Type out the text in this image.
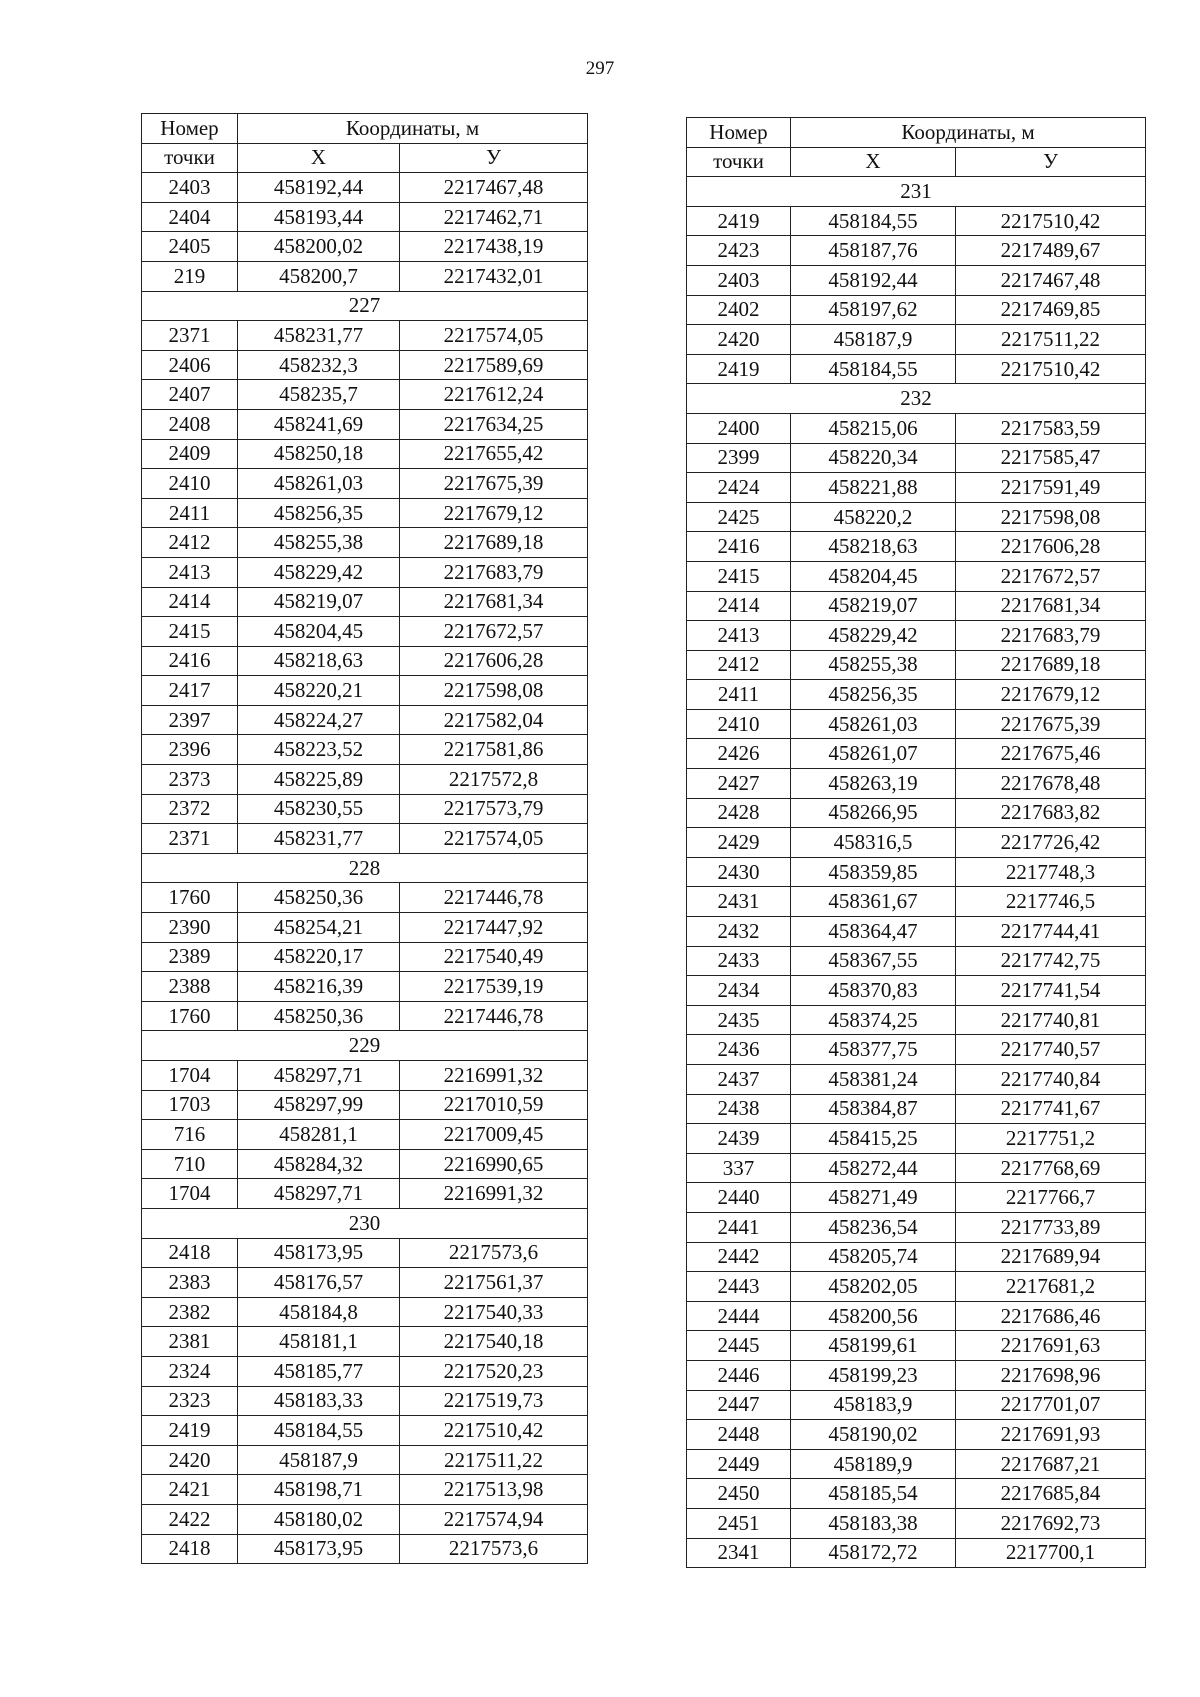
297
Номер	Координаты, м	
точки	Х	У
2403	458192,44	2217467,48
2404	458193,44	2217462,71
2405	458200,02	2217438,19
219	458200,7	2217432,01
227		
2371	458231,77	2217574,05
2406	458232,3	2217589,69
2407	458235,7	2217612,24
2408	458241,69	2217634,25
2409	458250,18	2217655,42
2410	458261,03	2217675,39
2411	458256,35	2217679,12
2412	458255,38	2217689,18
2413	458229,42	2217683,79
2414	458219,07	2217681,34
2415	458204,45	2217672,57
2416	458218,63	2217606,28
2417	458220,21	2217598,08
2397	458224,27	2217582,04
2396	458223,52	2217581,86
2373	458225,89	2217572,8
2372	458230,55	2217573,79
2371	458231,77	2217574,05
228		
1760	458250,36	2217446,78
2390	458254,21	2217447,92
2389	458220,17	2217540,49
2388	458216,39	2217539,19
1760	458250,36	2217446,78
229		
1704	458297,71	2216991,32
1703	458297,99	2217010,59
716	458281,1	2217009,45
710	458284,32	2216990,65
1704	458297,71	2216991,32
230		
2418	458173,95	2217573,6
2383	458176,57	2217561,37
2382	458184,8	2217540,33
2381	458181,1	2217540,18
2324	458185,77	2217520,23
2323	458183,33	2217519,73
2419	458184,55	2217510,42
2420	458187,9	2217511,22
2421	458198,71	2217513,98
2422	458180,02	2217574,94
2418	458173,95	2217573,6
Номер	Координаты, м	
точки	Х	У
231		
2419	458184,55	2217510,42
2423	458187,76	2217489,67
2403	458192,44	2217467,48
2402	458197,62	2217469,85
2420	458187,9	2217511,22
2419	458184,55	2217510,42
232		
2400	458215,06	2217583,59
2399	458220,34	2217585,47
2424	458221,88	2217591,49
2425	458220,2	2217598,08
2416	458218,63	2217606,28
2415	458204,45	2217672,57
2414	458219,07	2217681,34
2413	458229,42	2217683,79
2412	458255,38	2217689,18
2411	458256,35	2217679,12
2410	458261,03	2217675,39
2426	458261,07	2217675,46
2427	458263,19	2217678,48
2428	458266,95	2217683,82
2429	458316,5	2217726,42
2430	458359,85	2217748,3
2431	458361,67	2217746,5
2432	458364,47	2217744,41
2433	458367,55	2217742,75
2434	458370,83	2217741,54
2435	458374,25	2217740,81
2436	458377,75	2217740,57
2437	458381,24	2217740,84
2438	458384,87	2217741,67
2439	458415,25	2217751,2
337	458272,44	2217768,69
2440	458271,49	2217766,7
2441	458236,54	2217733,89
2442	458205,74	2217689,94
2443	458202,05	2217681,2
2444	458200,56	2217686,46
2445	458199,61	2217691,63
2446	458199,23	2217698,96
2447	458183,9	2217701,07
2448	458190,02	2217691,93
2449	458189,9	2217687,21
2450	458185,54	2217685,84
2451	458183,38	2217692,73
2341	458172,72	2217700,1
